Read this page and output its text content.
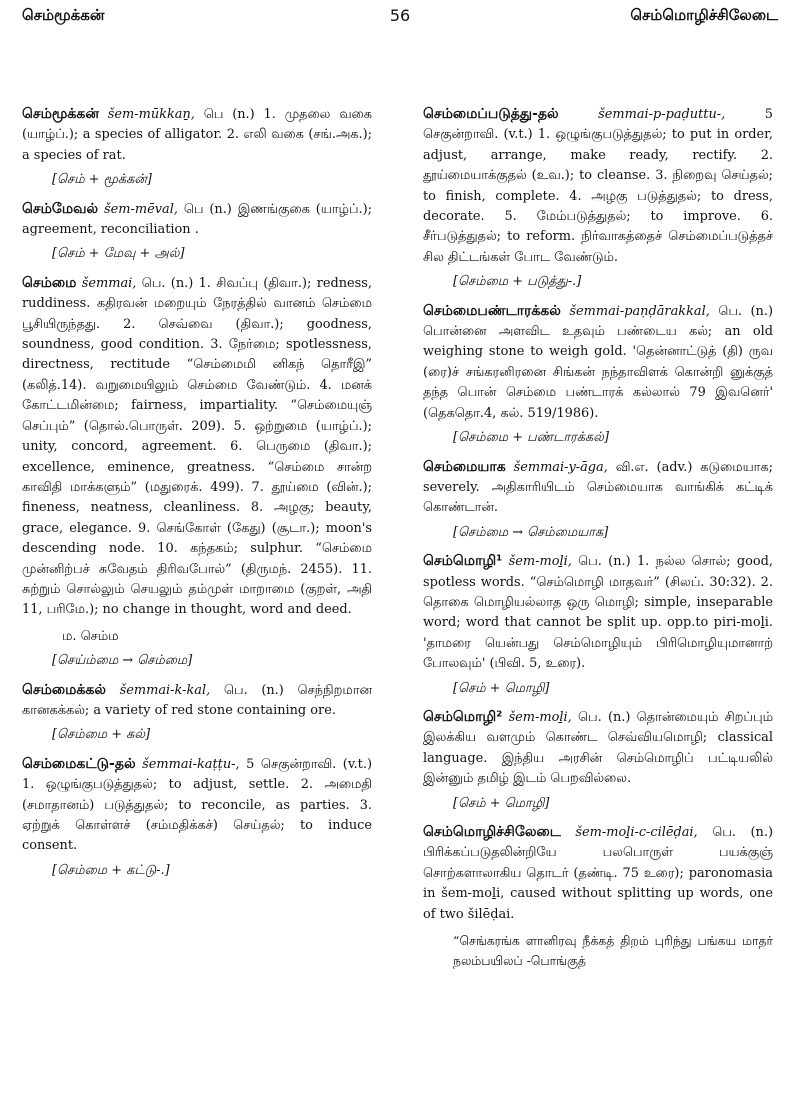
செம்மூக்கன்	56	செம்மொழிச்சிலேடை

செம்மூக்கன் šem-mūkkaṉ, பெ (n.) 1. முதலை வகை (யாழ்ப்.); a species of alligator. 2. எலி வகை (சங்.அக.); a species of rat.

[செம் + மூக்கன்]

செம்மேவல் šem-mēval, பெ (n.) இணங்குகை (யாழ்ப்.); agreement, reconciliation .

[செம் + மேவு + அல்]

செம்மை šemmai, பெ. (n.) 1. சிவப்பு (திவா.); redness, ruddiness. கதிரவன் மறையும் நேரத்தில் வானம் செம்மை பூசியிருந்தது. 2. செவ்வை (திவா.); goodness, soundness, good condition. 3. நேர்மை; spotlessness, directness, rectitude “செம்மைமி னிகந் தொரீஇ” (கலித்.14). வறுமையிலும் செம்மை வேண்டும். 4. மனக் கோட்டமின்மை; fairness, impartiality. “செம்மையுஞ் செப்பும்” (தொல்.பொருள். 209). 5. ஒற்றுமை (யாழ்ப்.); unity, concord, agreement. 6. பெருமை (திவா.); excellence, eminence, greatness. “செம்மை சான்ற காவிதி மாக்களும்” (மதுரைக். 499). 7. தூய்மை (வின்.); fineness, neatness, cleanliness. 8. அழகு; beauty, grace, elegance. 9. செங்கோள் (கேது) (சூடா.); moon's descending node. 10. கந்தகம்; sulphur. “செம்மை முன்னிற்பச் சுவேதம் திரிவபோல்” (திருமந். 2455). 11. சுற்றும் சொல்லும் செயலும் தம்முள் மாறாமை (குறள், அதி 11, பரிமே.); no change in thought, word and deed.

ம. செம்ம
[செய்ம்மை → செம்மை]

செம்மைக்கல் šemmai-k-kal, பெ. (n.) செந்நிறமான கானகக்கல்; a variety of red stone containing ore.

[செம்மை + கல்]

செம்மைகட்டு-தல் šemmai-kaṭṭu-, 5 செகுன்றாவி. (v.t.) 1. ஒழுங்குபடுத்துதல்; to adjust, settle. 2. அமைதி (சமாதானம்) படுத்துதல்; to reconcile, as parties. 3. ஏற்றுக் கொள்ளச் (சம்மதிக்கச்) செய்தல்; to induce consent.

[செம்மை + கட்டு-.]

செம்மைப்படுத்து-தல் šemmai-p-paḍuttu-, 5 செகுன்றாவி. (v.t.) 1. ஒழுங்குபடுத்துதல்; to put in order, adjust, arrange, make ready, rectify. 2. தூய்மையாக்குதல் (உவ.); to cleanse. 3. நிறைவு செய்தல்; to finish, complete. 4. அழகு படுத்துதல்; to dress, decorate. 5. மேம்படுத்துதல்; to improve. 6. சீர்படுத்துதல்; to reform. நிர்வாகத்தைச் செம்மைப்படுத்தச் சில திட்டங்கள் போட வேண்டும்.

[செம்மை + படுத்து-.]

செம்மைபண்டாரக்கல் šemmai-paṇḍārakkal, பெ. (n.) பொன்னை அளவிட உதவும் பண்டைய கல்; an old weighing stone to weigh gold. 'தென்னாட்டுத் (தி) ருவ (ரை)ச் சங்கரனிரனை சிங்கன் நந்தாவிளக் கொன்றி னுக்குத் தந்த பொன் செம்மை பண்டாரக் கல்லால் 79 இவனெர்' (தெகதொ.4, கல். 519/1986).

[செம்மை + பண்டாரக்கல்]

செம்மையாக šemmai-y-āga, வி.எ. (adv.) கடுமையாக; severely. அதிகாரியிடம் செம்மையாக வாங்கிக் கட்டிக் கொண்டான்.

[செம்மை → செம்மையாக]

செம்மொழி¹ šem-moḻi, பெ. (n.) 1. நல்ல சொல்; good, spotless words. “செம்மொழி மாதவர்” (சிலப். 30:32). 2. தொகை மொழியல்லாத ஒரு மொழி; simple, inseparable word; word that cannot be split up. opp.to piri-moḻi. 'தாமரை யென்பது செம்மொழியும் பிரிமொழியுமானாற் போலவும்' (பிவி. 5, உரை).

[செம் + மொழி]

செம்மொழி² šem-moḻi, பெ. (n.) தொன்மையும் சிறப்பும் இலக்கிய வளமும் கொண்ட செவ்வியமொழி; classical language. இந்திய அரசின் செம்மொழிப் பட்டியலில் இன்னும் தமிழ் இடம் பெறவில்லை.

[செம் + மொழி]

செம்மொழிச்சிலேடை šem-moḻi-c-cilēḍai, பெ. (n.) பிரிக்கப்படுதலின்றியே பலபொருள் பயக்குஞ் சொற்களாலாகிய தொடர் (தண்டி. 75 உரை); paronomasia in šem-moḻi, caused without splitting up words, one of two šilēḍai.

“செங்கரங்க ளானிரவு நீக்கத் திறம் புரிந்து பங்கய மாதர் நலம்பயிலப் -பொங்குத்
